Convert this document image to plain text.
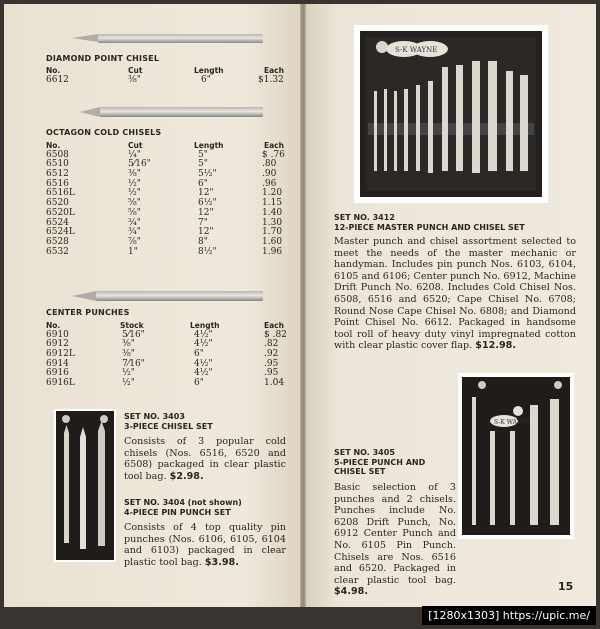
DIAMOND POINT CHISEL
No.	Cut	Length	Each
6612	⅜"	6"	$1.32
OCTAGON COLD CHISELS
No.	Cut	Length	Each
6508	¼"	5"	$ .76
6510	5⁄16"	5"	.80
6512	⅜"	5½"	.90
6516	½"	6"	.96
6516L	½"	12"	1.20
6520	⅝"	6½"	1.15
6520L	⅝"	12"	1.40
6524	¾"	7"	1.30
6524L	¾"	12"	1.70
6528	⅞"	8"	1.60
6532	1"	8½"	1.96
CENTER PUNCHES
No.	Stock	Length	Each
6910	5⁄16"	4½"	$ .82
6912	⅜"	4½"	.82
6912L	⅜"	6"	.92
6914	7⁄16"	4½"	.95
6916	½"	4½"	.95
6916L	½"	6"	1.04
SET NO. 3403
3-PIECE CHISEL SET
Consists of 3 popular cold chisels (Nos. 6516, 6520 and 6508) packaged in clear plastic tool bag. $2.98.
SET NO. 3404 (not shown)
4-PIECE PIN PUNCH SET
Consists of 4 top quality pin punches (Nos. 6106, 6105, 6104 and 6103) packaged in clear plastic tool bag. $3.98.
S-K WAYNE
SET NO. 3412
12-PIECE MASTER PUNCH AND CHISEL SET
Master punch and chisel assortment selected to meet the needs of the master mechanic or handyman. Includes pin punch Nos. 6103, 6104, 6105 and 6106; Center punch No. 6912, Machine Drift Punch No. 6208. Includes Cold Chisel Nos. 6508, 6516 and 6520; Cape Chisel No. 6708; Round Nose Cape Chisel No. 6808; and Diamond Point Chisel No. 6612. Packaged in handsome tool roll of heavy duty vinyl impregnated cotton with clear plastic cover flap. $12.98.
S-K WAYNE
SET NO. 3405
5-PIECE PUNCH AND CHISEL SET
Basic selection of 3 punches and 2 chisels. Punches include No. 6208 Drift Punch, No. 6912 Center Punch and No. 6105 Pin Punch. Chisels are Nos. 6516 and 6520. Packaged in clear plastic tool bag. $4.98.	15
[1280x1303] https://upic.me/
